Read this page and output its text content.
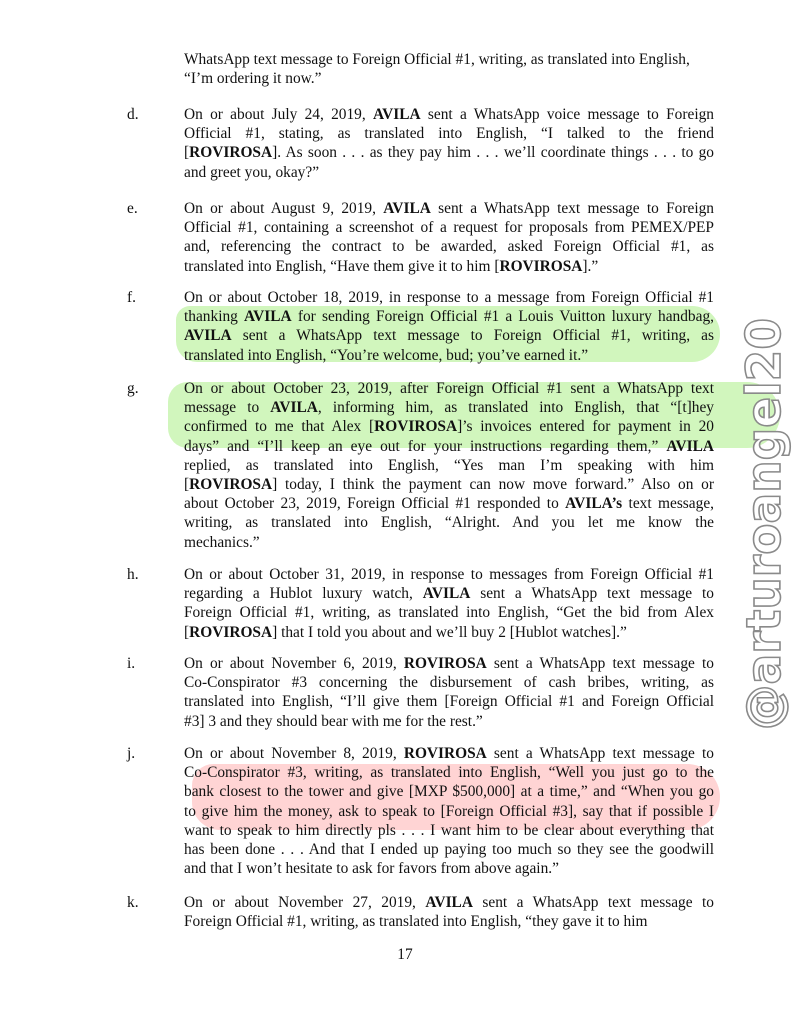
WhatsApp text message to Foreign Official #1, writing, as translated into English,
“I’m ordering it now.”

d.	On or about July 24, 2019, AVILA sent a WhatsApp voice message to Foreign
Official #1, stating, as translated into English, “I talked to the friend
[ROVIROSA]. As soon . . . as they pay him . . . we’ll coordinate things . . . to go
and greet you, okay?”

e.	On or about August 9, 2019, AVILA sent a WhatsApp text message to Foreign
Official #1, containing a screenshot of a request for proposals from PEMEX/PEP
and, referencing the contract to be awarded, asked Foreign Official #1, as
translated into English, “Have them give it to him [ROVIROSA].”

f.	On or about October 18, 2019, in response to a message from Foreign Official #1
thanking AVILA for sending Foreign Official #1 a Louis Vuitton luxury handbag,
AVILA sent a WhatsApp text message to Foreign Official #1, writing, as
translated into English, “You’re welcome, bud; you’ve earned it.”

g.	On or about October 23, 2019, after Foreign Official #1 sent a WhatsApp text
message to AVILA, informing him, as translated into English, that “[t]hey
confirmed to me that Alex [ROVIROSA]’s invoices entered for payment in 20
days” and “I’ll keep an eye out for your instructions regarding them,” AVILA
replied, as translated into English, “Yes man I’m speaking with him
[ROVIROSA] today, I think the payment can now move forward.” Also on or
about October 23, 2019, Foreign Official #1 responded to AVILA’s text message,
writing, as translated into English, “Alright. And you let me know the
mechanics.”

h.	On or about October 31, 2019, in response to messages from Foreign Official #1
regarding a Hublot luxury watch, AVILA sent a WhatsApp text message to
Foreign Official #1, writing, as translated into English, “Get the bid from Alex
[ROVIROSA] that I told you about and we’ll buy 2 [Hublot watches].”

i.	On or about November 6, 2019, ROVIROSA sent a WhatsApp text message to
Co-Conspirator #3 concerning the disbursement of cash bribes, writing, as
translated into English, “I’ll give them [Foreign Official #1 and Foreign Official
#3] 3 and they should bear with me for the rest.”

j.	On or about November 8, 2019, ROVIROSA sent a WhatsApp text message to
Co-Conspirator #3, writing, as translated into English, “Well you just go to the
bank closest to the tower and give [MXP $500,000] at a time,” and “When you go
to give him the money, ask to speak to [Foreign Official #3], say that if possible I
want to speak to him directly pls . . . I want him to be clear about everything that
has been done . . . And that I ended up paying too much so they see the goodwill
and that I won’t hesitate to ask for favors from above again.”

k.	On or about November 27, 2019, AVILA sent a WhatsApp text message to
Foreign Official #1, writing, as translated into English, “they gave it to him

17
@arturoangel20
